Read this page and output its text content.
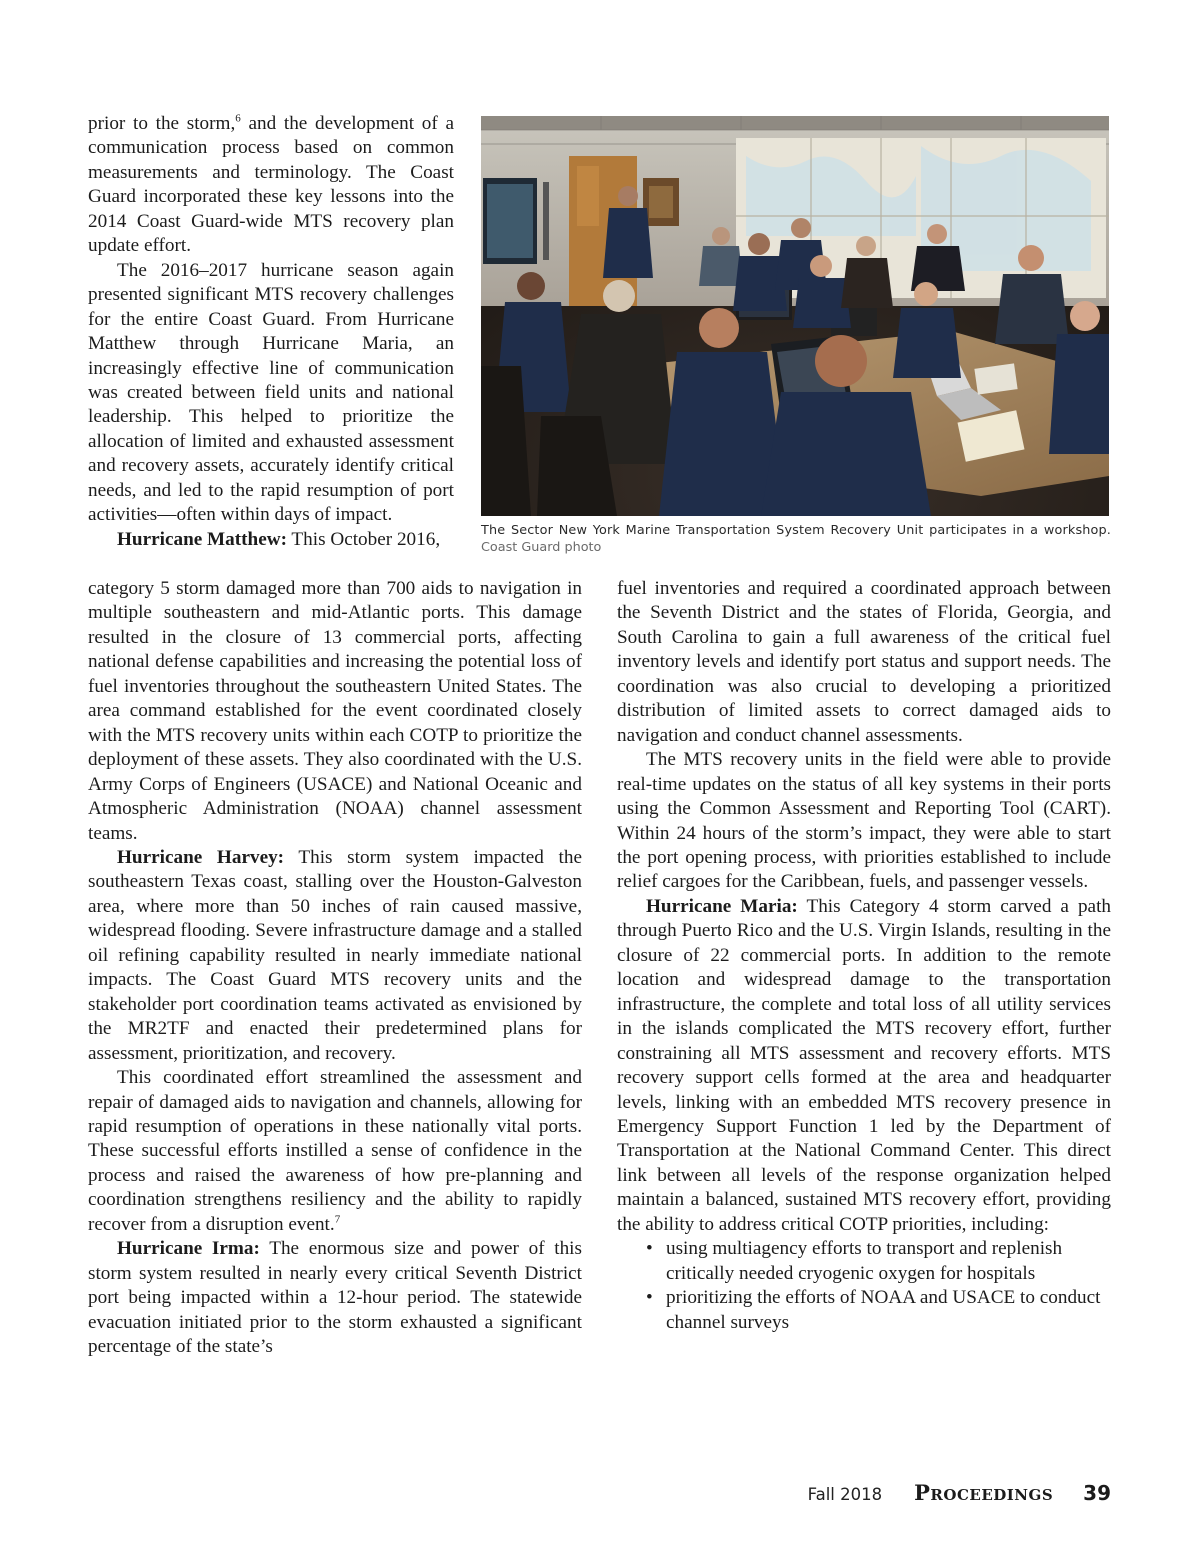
prior to the storm,$^6$ and the development of a communication process based on common measurements and terminology. The Coast Guard incorporated these key lessons into the 2014 Coast Guard-wide MTS recovery plan update effort.

The 2016–2017 hurricane season again presented significant MTS recovery challenges for the entire Coast Guard. From Hurricane Matthew through Hurricane Maria, an increasingly effective line of communication was created between field units and national leadership. This helped to prioritize the allocation of limited and exhausted assessment and recovery assets, accurately identify critical needs, and led to the rapid resumption of port activities—often within days of impact.

Hurricane Matthew: This October 2016,	The Sector New York Marine Transportation System Recovery Unit participates in a workshop.
Coast Guard photo

category 5 storm damaged more than 700 aids to navigation in multiple southeastern and mid-Atlantic ports. This damage resulted in the closure of 13 commercial ports, affecting national defense capabilities and increasing the potential loss of fuel inventories throughout the southeastern United States. The area command established for the event coordinated closely with the MTS recovery units within each COTP to prioritize the deployment of these assets. They also coordinated with the U.S. Army Corps of Engineers (USACE) and National Oceanic and Atmospheric Administration (NOAA) channel assessment teams.

Hurricane Harvey: This storm system impacted the southeastern Texas coast, stalling over the Houston-Galveston area, where more than 50 inches of rain caused massive, widespread flooding. Severe infrastructure damage and a stalled oil refining capability resulted in nearly immediate national impacts. The Coast Guard MTS recovery units and the stakeholder port coordination teams activated as envisioned by the MR2TF and enacted their predetermined plans for assessment, prioritization, and recovery.

This coordinated effort streamlined the assessment and repair of damaged aids to navigation and channels, allowing for rapid resumption of operations in these nationally vital ports. These successful efforts instilled a sense of confidence in the process and raised the awareness of how pre-planning and coordination strengthens resiliency and the ability to rapidly recover from a disruption event.$^7$

Hurricane Irma: The enormous size and power of this storm system resulted in nearly every critical Seventh District port being impacted within a 12-hour period. The statewide evacuation initiated prior to the storm exhausted a significant percentage of the state’s

fuel inventories and required a coordinated approach between the Seventh District and the states of Florida, Georgia, and South Carolina to gain a full awareness of the critical fuel inventory levels and identify port status and support needs. The coordination was also crucial to developing a prioritized distribution of limited assets to correct damaged aids to navigation and conduct channel assessments.

The MTS recovery units in the field were able to provide real-time updates on the status of all key systems in their ports using the Common Assessment and Reporting Tool (CART). Within 24 hours of the storm’s impact, they were able to start the port opening process, with priorities established to include relief cargoes for the Caribbean, fuels, and passenger vessels.

Hurricane Maria: This Category 4 storm carved a path through Puerto Rico and the U.S. Virgin Islands, resulting in the closure of 22 commercial ports. In addition to the remote location and widespread damage to the transportation infrastructure, the complete and total loss of all utility services in the islands complicated the MTS recovery effort, further constraining all MTS assessment and recovery efforts. MTS recovery support cells formed at the area and headquarter levels, linking with an embedded MTS recovery presence in Emergency Support Function 1 led by the Department of Transportation at the National Command Center. This direct link between all levels of the response organization helped maintain a balanced, sustained MTS recovery effort, providing the ability to address critical COTP priorities, including:

• using multiagency efforts to transport and replenish critically needed cryogenic oxygen for hospitals
• prioritizing the efforts of NOAA and USACE to conduct channel surveys
Fall 2018 Proceedings 39
